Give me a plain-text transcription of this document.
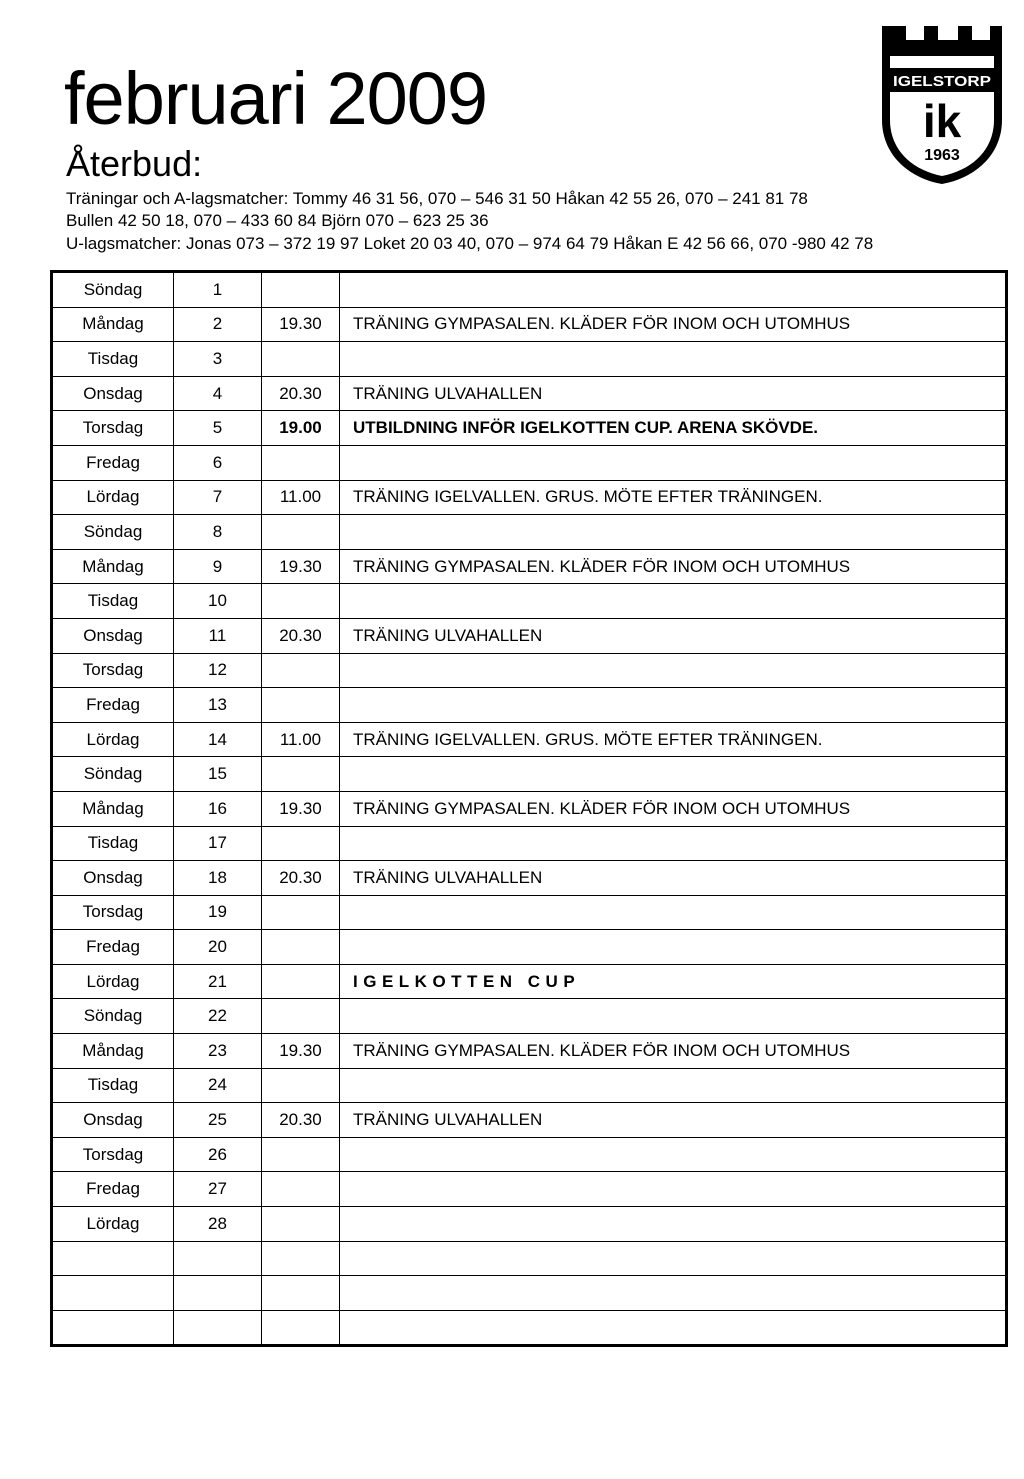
februari 2009
Återbud:
Träningar och A-lagsmatcher: Tommy 46 31 56, 070 – 546 31 50 Håkan 42 55 26, 070 – 241 81 78
Bullen 42 50 18, 070 – 433 60 84 Björn 070 – 623 25 36
U-lagsmatcher: Jonas 073 – 372 19 97 Loket 20 03 40, 070 – 974 64 79 Håkan E 42 56 66, 070 -980 42 78
IGELSTORP
ik
1963
Söndag	1		
Måndag	2	19.30	TRÄNING GYMPASALEN. KLÄDER FÖR INOM OCH UTOMHUS
Tisdag	3		
Onsdag	4	20.30	TRÄNING ULVAHALLEN
Torsdag	5	19.00	UTBILDNING INFÖR IGELKOTTEN CUP. ARENA SKÖVDE.
Fredag	6		
Lördag	7	11.00	TRÄNING IGELVALLEN. GRUS. MÖTE EFTER TRÄNINGEN.
Söndag	8		
Måndag	9	19.30	TRÄNING GYMPASALEN. KLÄDER FÖR INOM OCH UTOMHUS
Tisdag	10		
Onsdag	11	20.30	TRÄNING ULVAHALLEN
Torsdag	12		
Fredag	13		
Lördag	14	11.00	TRÄNING IGELVALLEN. GRUS. MÖTE EFTER TRÄNINGEN.
Söndag	15		
Måndag	16	19.30	TRÄNING GYMPASALEN. KLÄDER FÖR INOM OCH UTOMHUS
Tisdag	17		
Onsdag	18	20.30	TRÄNING ULVAHALLEN
Torsdag	19		
Fredag	20		
Lördag	21		IGELKOTTEN CUP
Söndag	22		
Måndag	23	19.30	TRÄNING GYMPASALEN. KLÄDER FÖR INOM OCH UTOMHUS
Tisdag	24		
Onsdag	25	20.30	TRÄNING ULVAHALLEN
Torsdag	26		
Fredag	27		
Lördag	28		
